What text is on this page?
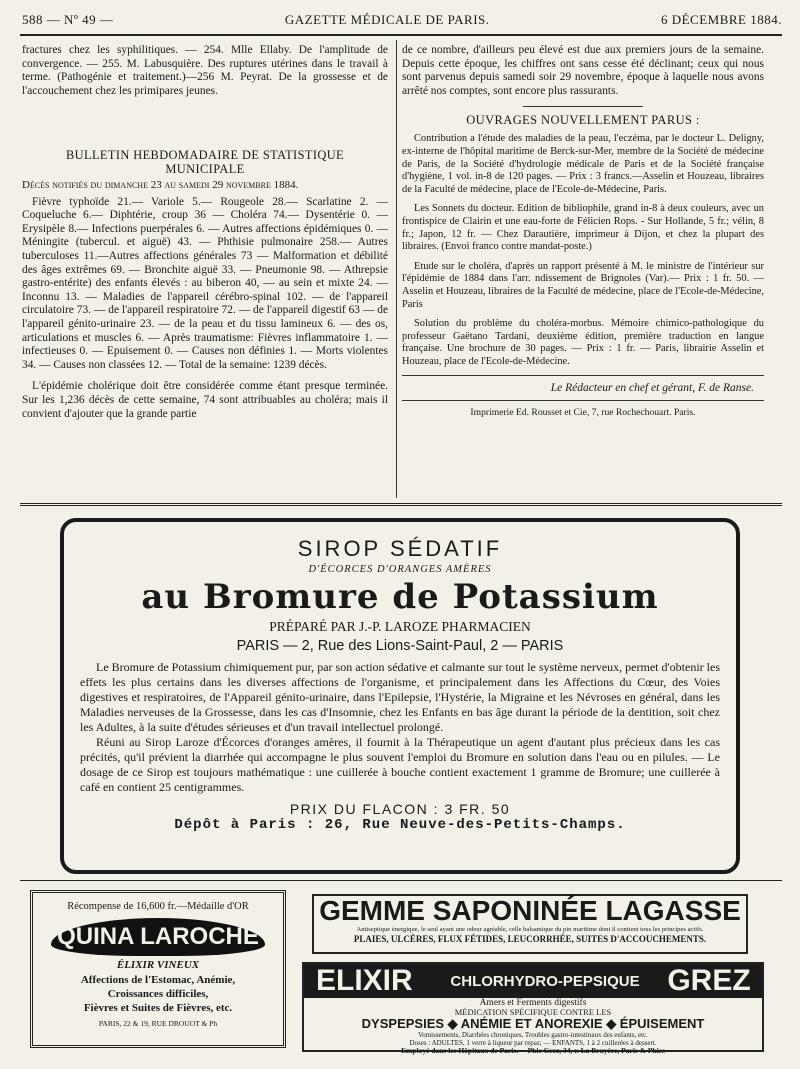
588 — Nº 49 —	GAZETTE MÉDICALE DE PARIS.	6 DÉCEMBRE 1884.

fractures chez les syphilitiques. — 254. Mlle Ellaby. De l'amplitude de convergence. — 255. M. Labusquière. Des ruptures utérines dans le travail à terme. (Pathogénie et traitement.)—256 M. Peyrat. De la grossesse et de l'accouchement chez les primipares jeunes.

BULLETIN HEBDOMADAIRE DE STATISTIQUE
MUNICIPALE

Décès notifiés du dimanche 23 au samedi 29 novembre 1884.

Fièvre typhoïde 21.— Variole 5.— Rougeole 28.— Scarlatine 2. — Coqueluche 6.— Diphtérie, croup 36 — Choléra 74.— Dysentérie 0. — Erysipèle 8.— Infections puerpérales 6. — Autres affections épidémiques 0. — Méningite (tubercul. et aiguë) 43. — Phthisie pulmonaire 258.— Autres tuberculoses 11.—Autres affections générales 73 — Malformation et débilité des âges extrêmes 69. — Bronchite aiguë 33. — Pneumonie 98. — Athrepsie gastro-entérite) des enfants élevés : au biberon 40, — au sein et mixte 24. — Inconnu 13. — Maladies de l'appareil cérébro-spinal 102. — de l'appareil circulatoire 73. — de l'appareil respiratoire 72. — de l'appareil digestif 63 — de l'appareil génito-urinaire 23. — de la peau et du tissu lamineux 6. — des os, articulations et muscles 6. — Après traumatisme: Fièvres inflammatoire 1. — infectieuses 0. — Epuisement 0. — Causes non définies 1. — Morts violentes 34. — Causes non classées 12. — Total de la semaine: 1239 décès.

L'épidémie cholérique doit être considérée comme étant presque terminée. Sur les 1,236 décès de cette semaine, 74 sont attribuables au choléra; mais il convient d'ajouter que la grande partie

de ce nombre, d'ailleurs peu élevé est due aux premiers jours de la semaine. Depuis cette époque, les chiffres ont sans cesse été déclinant; ceux qui nous sont parvenus depuis samedi soir 29 novembre, époque à laquelle nous avons arrêté nos comptes, sont encore plus rassurants.

OUVRAGES NOUVELLEMENT PARUS :

Contribution a l'étude des maladies de la peau, l'eczéma, par le docteur L. Deligny, ex-interne de l'hôpital maritime de Berck-sur-Mer, membre de la Société de médecine de Paris, de la Société d'hydrologie médicale de Paris et de la Société française d'hygiène, 1 vol. in-8 de 120 pages. — Prix : 3 francs.—Asselin et Houzeau, libraires de la Faculté de médecine, place de l'Ecole-de-Médecine, Paris.

Les Sonnets du docteur. Edition de bibliophile, grand in-8 à deux couleurs, avec un frontispice de Clairin et une eau-forte de Félicien Rops. - Sur Hollande, 5 fr.; vélin, 8 fr.; Japon, 12 fr. — Chez Darautière, imprimeur à Dijon, et chez la plupart des libraires. (Envoi franco contre mandat-poste.)

Etude sur le choléra, d'après un rapport présenté à M. le ministre de l'intérieur sur l'épidémie de 1884 dans l'arr. ndissement de Brignoles (Var).— Prix : 1 fr. 50. — Asselin et Houzeau, libraires de la Faculté de médecine, place de l'Ecole-de-Médecine, Paris

Solution du problème du choléra-morbus. Mémoire chimico-pathologique du professeur Gaëtano Tardani, deuxième édition, première traduction en langue française. Une brochure de 30 pages. — Prix : 1 fr. — Paris, librairie Asselin et Houzeau, place de l'Ecole-de-Médecine.

Le Rédacteur en chef et gérant, F. de Ranse.
Imprimerie Ed. Rousset et Cie, 7, rue Rochechouart. Paris.
SIROP SÉDATIF
D'ÉCORCES D'ORANGES AMÈRES
au Bromure de Potassium
PRÉPARÉ PAR J.-P. LAROZE PHARMACIEN
PARIS — 2, Rue des Lions-Saint-Paul, 2 — PARIS

Le Bromure de Potassium chimiquement pur, par son action sédative et calmante sur tout le système nerveux, permet d'obtenir les effets les plus certains dans les diverses affections de l'organisme, et principalement dans les Affections du Cœur, des Voies digestives et respiratoires, de l'Appareil génito-urinaire, dans l'Epilepsie, l'Hystérie, la Migraine et les Névroses en général, dans les Maladies nerveuses de la Grossesse, dans les cas d'Insomnie, chez les Enfants en bas âge durant la période de la dentition, soit chez les Adultes, à la suite d'études sérieuses et d'un travail intellectuel prolongé.

Réuni au Sirop Laroze d'Écorces d'oranges amères, il fournit à la Thérapeutique un agent d'autant plus précieux dans les cas précités, qu'il prévient la diarrhée qui accompagne le plus souvent l'emploi du Bromure en solution dans l'eau ou en pilules. — Le dosage de ce Sirop est toujours mathématique : une cuillerée à bouche contient exactement 1 gramme de Bromure; une cuillerée à café en contient 25 centigrammes.

PRIX DU FLACON : 3 FR. 50
Dépôt à Paris : 26, Rue Neuve-des-Petits-Champs.
Récompense de 16,600 fr.—Médaille d'OR
QUINA LAROCHE
ÉLIXIR VINEUX
Affections de l'Estomac, Anémie,
Croissances difficiles,
Fièvres et Suites de Fièvres, etc.
PARIS, 22 & 19, RUE DROUOT & Ph
GEMME SAPONINÉE LAGASSE
Antiseptique énergique, le seul ayant une odeur agréable, celle balsamique du pin maritime dont il contient tous les principes actifs.
PLAIES, ULCÈRES, FLUX FÉTIDES, LEUCORRHÉE, SUITES D'ACCOUCHEMENTS.
ELIXIR	CHLORHYDRO-PEPSIQUE GREZ
Amers et Ferments digestifs
MÉDICATION SPÉCIFIQUE CONTRE LES
DYSPEPSIES ◆ ANÉMIE ET ANOREXIE ◆ ÉPUISEMENT
Vomissements, Diarrhées chroniques, Troubles gastro-intestinaux des enfants, etc.
Doses : ADULTES, 1 verre à liqueur par repas; — ENFANTS, 1 à 2 cuillerées à dessert.
Employé dans les Hôpitaux de Paris.— Phie Grez, 34, r. La Bruyère, Paris & Phies
